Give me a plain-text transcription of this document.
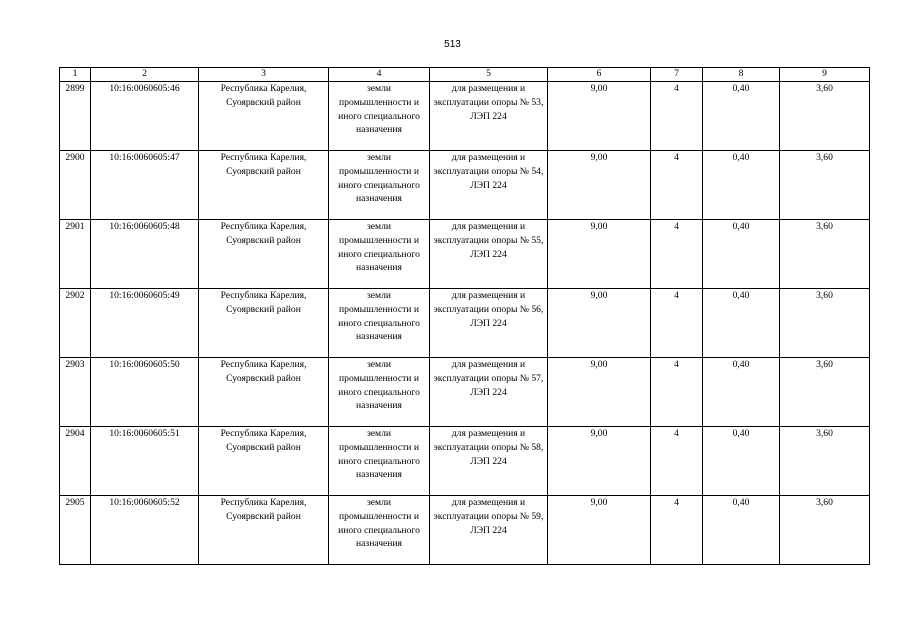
513
1	2	3	4	5	6	7	8	9
2899	10:16:0060605:46	Республика Карелия, Суоярвский район	земли промышленности и иного специального назначения	для размещения и эксплуатации опоры № 53, ЛЭП 224	9,00	4	0,40	3,60
2900	10:16:0060605:47	Республика Карелия, Суоярвский район	земли промышленности и иного специального назначения	для размещения и эксплуатации опоры № 54, ЛЭП 224	9,00	4	0,40	3,60
2901	10:16:0060605:48	Республика Карелия, Суоярвский район	земли промышленности и иного специального назначения	для размещения и эксплуатации опоры № 55, ЛЭП 224	9,00	4	0,40	3,60
2902	10:16:0060605:49	Республика Карелия, Суоярвский район	земли промышленности и иного специального назначения	для размещения и эксплуатации опоры № 56, ЛЭП 224	9,00	4	0,40	3,60
2903	10:16:0060605:50	Республика Карелия, Суоярвский район	земли промышленности и иного специального назначения	для размещения и эксплуатации опоры № 57, ЛЭП 224	9,00	4	0,40	3,60
2904	10:16:0060605:51	Республика Карелия, Суоярвский район	земли промышленности и иного специального назначения	для размещения и эксплуатации опоры № 58, ЛЭП 224	9,00	4	0,40	3,60
2905	10:16:0060605:52	Республика Карелия, Суоярвский район	земли промышленности и иного специального назначения	для размещения и эксплуатации опоры № 59, ЛЭП 224	9,00	4	0,40	3,60
